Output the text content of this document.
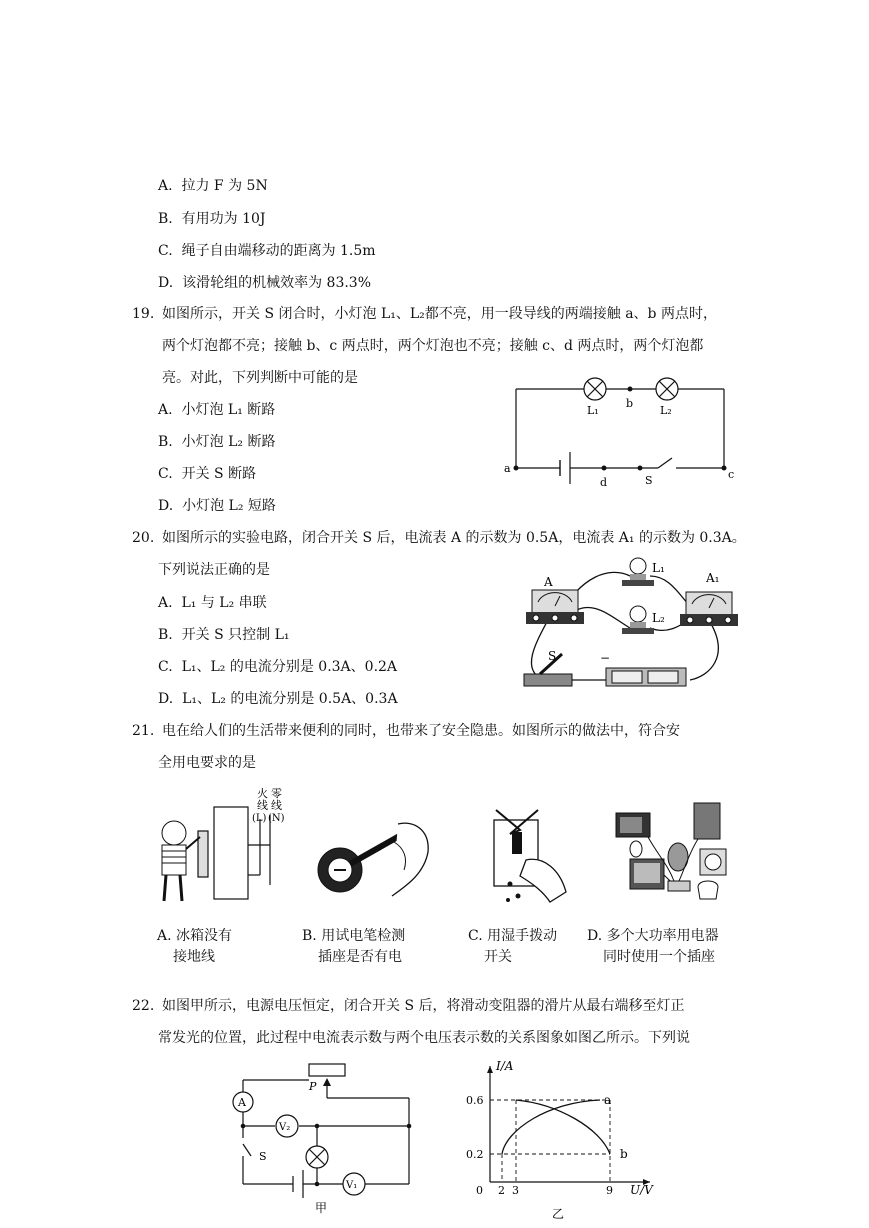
A. 拉力 F 为 5N
B. 有用功为 10J
C. 绳子自由端移动的距离为 1.5m
D. 该滑轮组的机械效率为 83.3%
19. 如图所示，开关 S 闭合时，小灯泡 L₁、L₂都不亮，用一段导线的两端接触 a、b 两点时，
两个灯泡都不亮；接触 b、c 两点时，两个灯泡也不亮；接触 c、d 两点时，两个灯泡都
亮。对此，下列判断中可能的是
A. 小灯泡 L₁ 断路
B. 小灯泡 L₂ 断路
C. 开关 S 断路
D. 小灯泡 L₂ 短路
L₁
b
L₂
a
d	S	c
20. 如图所示的实验电路，闭合开关 S 后，电流表 A 的示数为 0.5A，电流表 A₁ 的示数为 0.3A。
下列说法正确的是
A. L₁ 与 L₂ 串联
B. 开关 S 只控制 L₁
C. L₁、L₂ 的电流分别是 0.3A、0.2A
D. L₁、L₂ 的电流分别是 0.5A、0.3A
A	A₁
L₁
L₂
S	−
21. 电在给人们的生活带来便利的同时，也带来了安全隐患。如图所示的做法中，符合安
全用电要求的是
火
线
零
线
(L) (N)
A. 冰箱没有
接地线
B. 用试电笔检测
插座是否有电
C. 用湿手拨动
开关
D. 多个大功率用电器
同时使用一个插座
22. 如图甲所示，电源电压恒定，闭合开关 S 后，将滑动变阻器的滑片从最右端移至灯正
常发光的位置，此过程中电流表示数与两个电压表示数的关系图象如图乙所示。下列说
A
V₂
V₁
P
S
甲
I/A
0.6
0.2
0 2 3	9 U/V
a
b
乙
